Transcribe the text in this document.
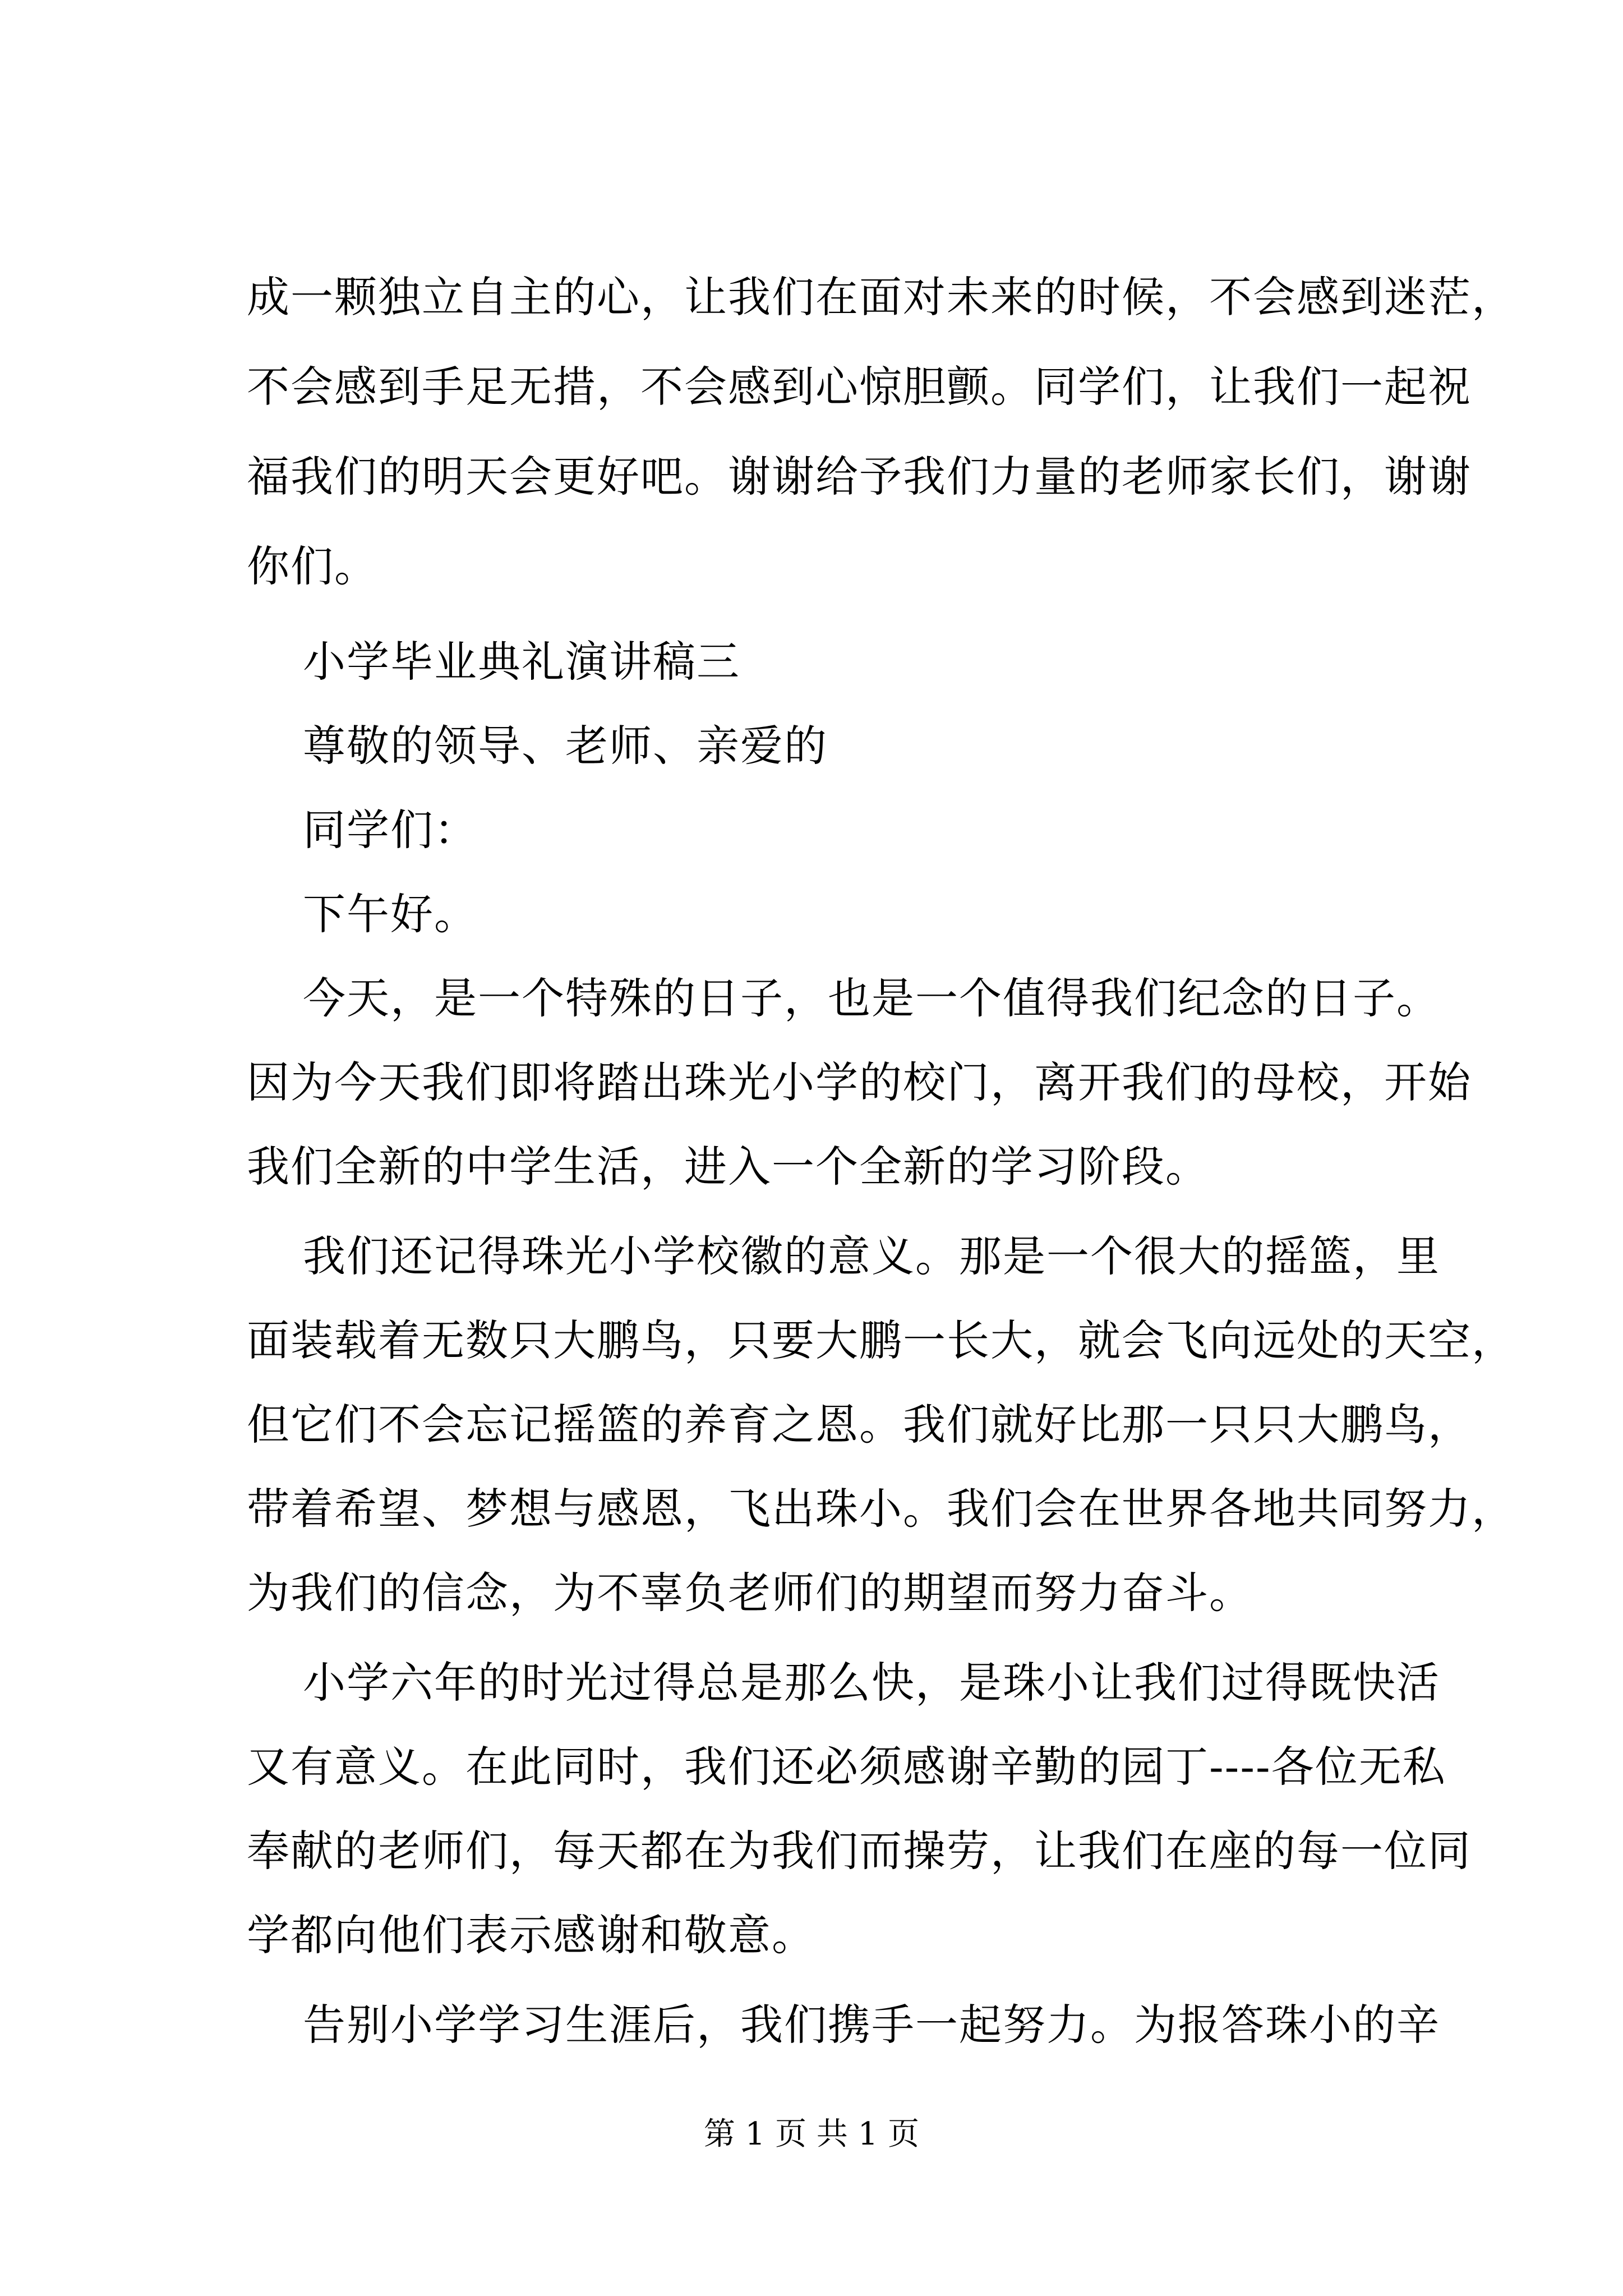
成一颗独立自主的心，让我们在面对未来的时候，不会感到迷茫，
不会感到手足无措，不会感到心惊胆颤。同学们，让我们一起祝
福我们的明天会更好吧。谢谢给予我们力量的老师家长们，谢谢
你们。
小学毕业典礼演讲稿三
尊敬的领导、老师、亲爱的
同学们：
下午好。
今天，是一个特殊的日子，也是一个值得我们纪念的日子。
因为今天我们即将踏出珠光小学的校门，离开我们的母校，开始
我们全新的中学生活，进入一个全新的学习阶段。
我们还记得珠光小学校徽的意义。那是一个很大的摇篮，里
面装载着无数只大鹏鸟，只要大鹏一长大，就会飞向远处的天空，
但它们不会忘记摇篮的养育之恩。我们就好比那一只只大鹏鸟，
带着希望、梦想与感恩，飞出珠小。我们会在世界各地共同努力，
为我们的信念，为不辜负老师们的期望而努力奋斗。
小学六年的时光过得总是那么快，是珠小让我们过得既快活
又有意义。在此同时，我们还必须感谢辛勤的园丁----各位无私
奉献的老师们，每天都在为我们而操劳，让我们在座的每一位同
学都向他们表示感谢和敬意。
告别小学学习生涯后，我们携手一起努力。为报答珠小的辛
第 1 页 共 1 页
